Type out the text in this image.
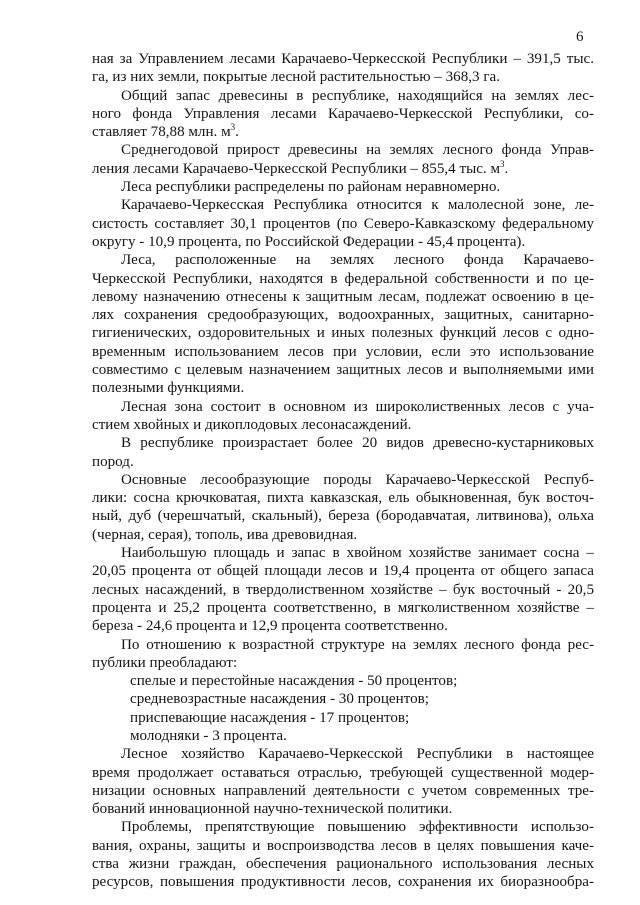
6
ная за Управлением лесами Карачаево-Черкесской Республики – 391,5 тыс.
га, из них земли, покрытые лесной растительностью – 368,3 га.
Общий запас древесины в республике, находящийся на землях лес-
ного фонда Управления лесами Карачаево-Черкесской Республики, со-
ставляет 78,88 млн. $м^3$.
Среднегодовой прирост древесины на землях лесного фонда Управ-
ления лесами Карачаево-Черкесской Республики – 855,4 тыс. $м^3$.
Леса республики распределены по районам неравномерно.
Карачаево-Черкесская Республика относится к малолесной зоне, ле-
систость составляет 30,1 процентов (по Северо-Кавказскому федеральному
округу - 10,9 процента, по Российской Федерации - 45,4 процента).
Леса, расположенные на землях лесного фонда Карачаево-
Черкесской Республики, находятся в федеральной собственности и по це-
левому назначению отнесены к защитным лесам, подлежат освоению в це-
лях сохранения средообразующих, водоохранных, защитных, санитарно-
гигиенических, оздоровительных и иных полезных функций лесов с одно-
временным использованием лесов при условии, если это использование
совместимо с целевым назначением защитных лесов и выполняемыми ими
полезными функциями.
Лесная зона состоит в основном из широколиственных лесов с уча-
стием хвойных и дикоплодовых лесонасаждений.
В республике произрастает более 20 видов древесно-кустарниковых
пород.
Основные лесообразующие породы Карачаево-Черкесской Респуб-
лики: сосна крючковатая, пихта кавказская, ель обыкновенная, бук восточ-
ный, дуб (черешчатый, скальный), береза (бородавчатая, литвинова), ольха
(черная, серая), тополь, ива древовидная.
Наибольшую площадь и запас в хвойном хозяйстве занимает сосна –
20,05 процента от общей площади лесов и 19,4 процента от общего запаса
лесных насаждений, в твердолиственном хозяйстве – бук восточный - 20,5
процента и 25,2 процента соответственно, в мягколиственном хозяйстве –
береза - 24,6 процента и 12,9 процента соответственно.
По отношению к возрастной структуре на землях лесного фонда рес-
публики преобладают:
спелые и перестойные насаждения - 50 процентов;
средневозрастные насаждения - 30 процентов;
приспевающие насаждения - 17 процентов;
молодняки - 3 процента.
Лесное хозяйство Карачаево-Черкесской Республики в настоящее
время продолжает оставаться отраслью, требующей существенной модер-
низации основных направлений деятельности с учетом современных тре-
бований инновационной научно-технической политики.
Проблемы, препятствующие повышению эффективности использо-
вания, охраны, защиты и воспроизводства лесов в целях повышения каче-
ства жизни граждан, обеспечения рационального использования лесных
ресурсов, повышения продуктивности лесов, сохранения их биоразнообра-
